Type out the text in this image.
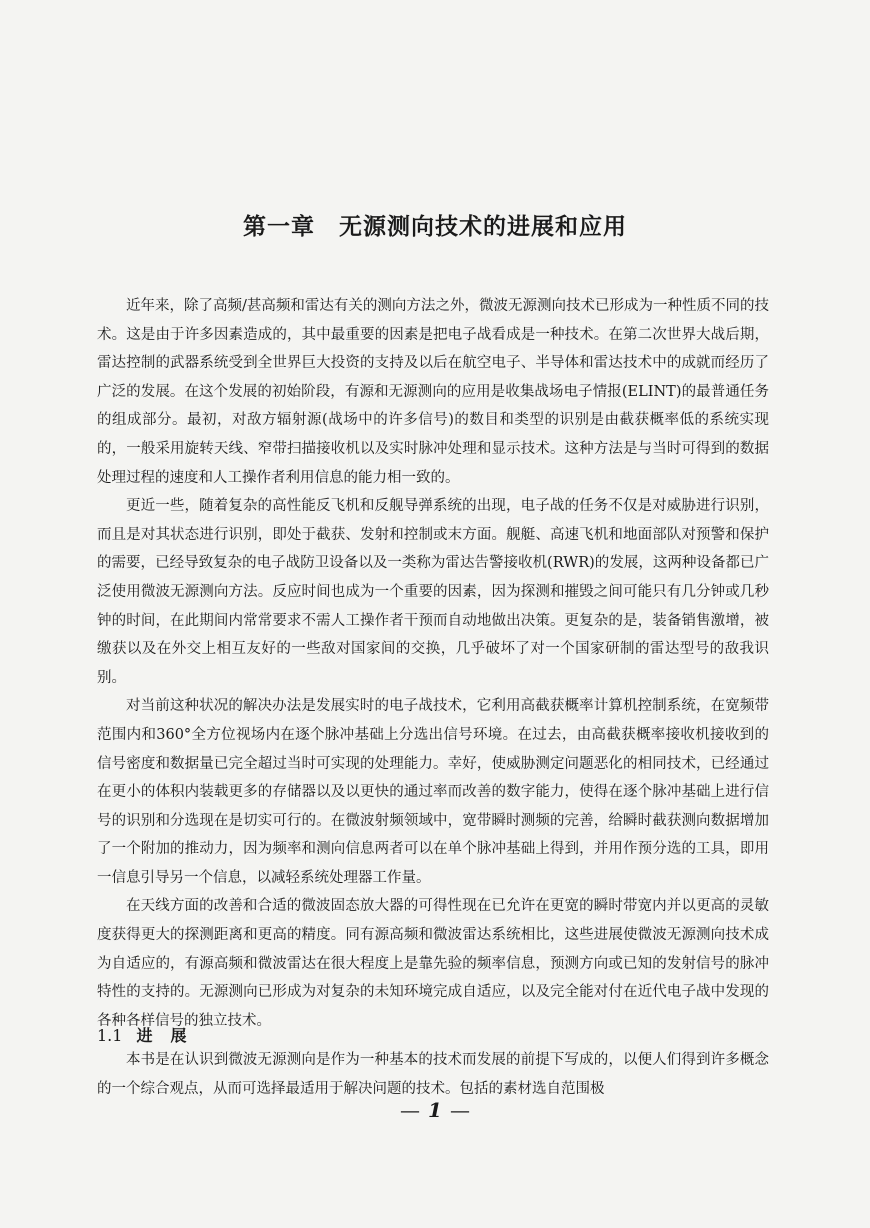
第一章　无源测向技术的进展和应用

近年来，除了高频/甚高频和雷达有关的测向方法之外，微波无源测向技术已形成为一种性质不同的技术。这是由于许多因素造成的，其中最重要的因素是把电子战看成是一种技术。在第二次世界大战后期，雷达控制的武器系统受到全世界巨大投资的支持及以后在航空电子、半导体和雷达技术中的成就而经历了广泛的发展。在这个发展的初始阶段，有源和无源测向的应用是收集战场电子情报(ELINT)的最普通任务的组成部分。最初，对敌方辐射源(战场中的许多信号)的数目和类型的识别是由截获概率低的系统实现的，一般采用旋转天线、窄带扫描接收机以及实时脉冲处理和显示技术。这种方法是与当时可得到的数据处理过程的速度和人工操作者利用信息的能力相一致的。

更近一些，随着复杂的高性能反飞机和反舰导弹系统的出现，电子战的任务不仅是对威胁进行识别，而且是对其状态进行识别，即处于截获、发射和控制或末方面。舰艇、高速飞机和地面部队对预警和保护的需要，已经导致复杂的电子战防卫设备以及一类称为雷达告警接收机(RWR)的发展，这两种设备都已广泛使用微波无源测向方法。反应时间也成为一个重要的因素，因为探测和摧毁之间可能只有几分钟或几秒钟的时间，在此期间内常常要求不需人工操作者干预而自动地做出决策。更复杂的是，装备销售激增，被缴获以及在外交上相互友好的一些敌对国家间的交换，几乎破坏了对一个国家研制的雷达型号的敌我识别。

对当前这种状况的解决办法是发展实时的电子战技术，它利用高截获概率计算机控制系统，在宽频带范围内和360°全方位视场内在逐个脉冲基础上分选出信号环境。在过去，由高截获概率接收机接收到的信号密度和数据量已完全超过当时可实现的处理能力。幸好，使威胁测定问题恶化的相同技术，已经通过在更小的体积内装载更多的存储器以及以更快的通过率而改善的数字能力，使得在逐个脉冲基础上进行信号的识别和分选现在是切实可行的。在微波射频领域中，宽带瞬时测频的完善，给瞬时截获测向数据增加了一个附加的推动力，因为频率和测向信息两者可以在单个脉冲基础上得到，并用作预分选的工具，即用一信息引导另一个信息，以减轻系统处理器工作量。

在天线方面的改善和合适的微波固态放大器的可得性现在已允许在更宽的瞬时带宽内并以更高的灵敏度获得更大的探测距离和更高的精度。同有源高频和微波雷达系统相比，这些进展使微波无源测向技术成为自适应的，有源高频和微波雷达在很大程度上是靠先验的频率信息，预测方向或已知的发射信号的脉冲特性的支持的。无源测向已形成为对复杂的未知环境完成自适应，以及完全能对付在近代电子战中发现的各种各样信号的独立技术。

1.1 进展

本书是在认识到微波无源测向是作为一种基本的技术而发展的前提下写成的，以便人们得到许多概念的一个综合观点，从而可选择最适用于解决问题的技术。包括的素材选自范围极

— 1 —
